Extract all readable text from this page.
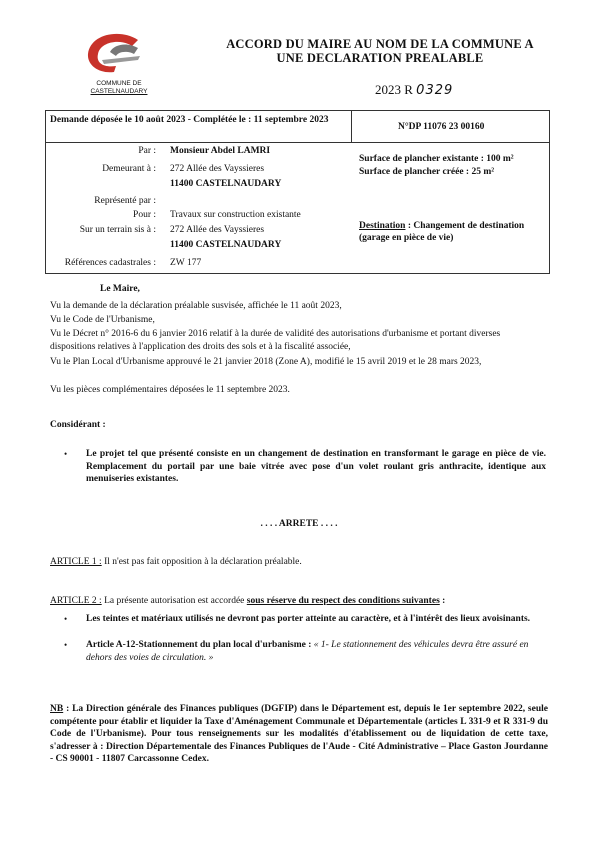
COMMUNE DE
CASTELNAUDARY
ACCORD DU MAIRE AU NOM DE LA COMMUNE A
UNE DECLARATION PREALABLE
2023 R 0329
Demande déposée le 10 août 2023 - Complétée le : 11 septembre 2023
N°DP 11076 23 00160
Par : Monsieur Abdel LAMRI
Demeurant à : 272 Allée des Vayssieres
11400 CASTELNAUDARY
Représenté par :
Pour : Travaux sur construction existante
Sur un terrain sis à : 272 Allée des Vayssieres
11400 CASTELNAUDARY
Références cadastrales : ZW 177
Surface de plancher existante : 100 m²
Surface de plancher créée : 25 m²
Destination : Changement de destination (garage en pièce de vie)
Le Maire,
Vu la demande de la déclaration préalable susvisée, affichée le 11 août 2023,
Vu le Code de l'Urbanisme,
Vu le Décret n° 2016-6 du 6 janvier 2016 relatif à la durée de validité des autorisations d'urbanisme et portant diverses dispositions relatives à l'application des droits des sols et à la fiscalité associée,
Vu le Plan Local d'Urbanisme approuvé le 21 janvier 2018 (Zone A), modifié le 15 avril 2019 et le 28 mars 2023,
Vu les pièces complémentaires déposées le 11 septembre 2023.
Considérant :
• Le projet tel que présenté consiste en un changement de destination en transformant le garage en pièce de vie. Remplacement du portail par une baie vitrée avec pose d'un volet roulant gris anthracite, identique aux menuiseries existantes.
. . . . ARRETE . . . .
ARTICLE 1 : Il n'est pas fait opposition à la déclaration préalable.
ARTICLE 2 : La présente autorisation est accordée sous réserve du respect des conditions suivantes :
• Les teintes et matériaux utilisés ne devront pas porter atteinte au caractère, et à l'intérêt des lieux avoisinants.
• Article A-12-Stationnement du plan local d'urbanisme : « 1- Le stationnement des véhicules devra être assuré en dehors des voies de circulation. »
NB : La Direction générale des Finances publiques (DGFIP) dans le Département est, depuis le 1er septembre 2022, seule compétente pour établir et liquider la Taxe d'Aménagement Communale et Départementale (articles L 331-9 et R 331-9 du Code de l'Urbanisme). Pour tous renseignements sur les modalités d'établissement ou de liquidation de cette taxe, s'adresser à : Direction Départementale des Finances Publiques de l'Aude - Cité Administrative – Place Gaston Jourdanne - CS 90001 - 11807 Carcassonne Cedex.
